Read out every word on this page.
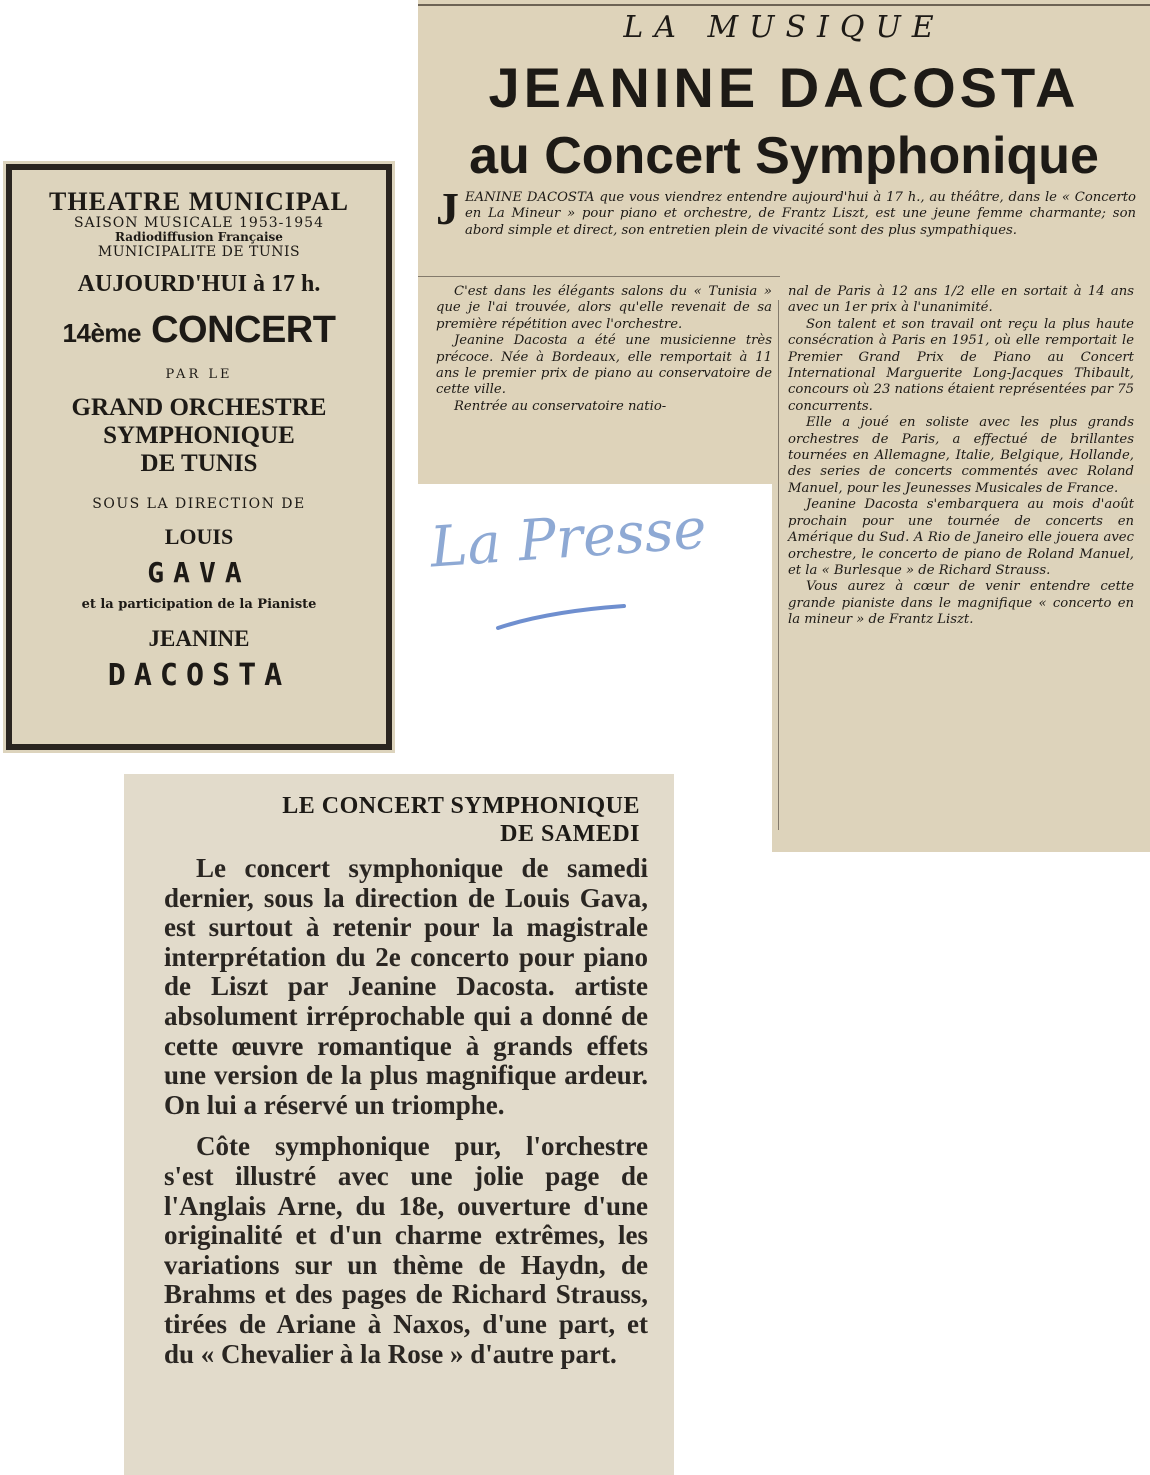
THEATRE MUNICIPAL
SAISON MUSICALE 1953-1954
Radiodiffusion Française
MUNICIPALITE DE TUNIS
AUJOURD'HUI à 17 h.
14ème CONCERT
PAR LE
GRAND ORCHESTRE
SYMPHONIQUE
DE TUNIS
SOUS LA DIRECTION DE
LOUIS
GAVA
et la participation de la Pianiste
JEANINE
DACOSTA
LA MUSIQUE
JEANINE DACOSTA
au Concert Symphonique
JEANINE DACOSTA que vous viendrez entendre aujourd'hui à 17 h., au théâtre, dans le « Concerto en La Mineur » pour piano et orchestre, de Frantz Liszt, est une jeune femme charmante; son abord simple et direct, son entretien plein de vivacité sont des plus sympathiques.

C'est dans les élégants salons du « Tunisia » que je l'ai trouvée, alors qu'elle revenait de sa première répétition avec l'orchestre.

Jeanine Dacosta a été une musicienne très précoce. Née à Bordeaux, elle remportait à 11 ans le premier prix de piano au conservatoire de cette ville.

Rentrée au conservatoire natio-

nal de Paris à 12 ans 1/2 elle en sortait à 14 ans avec un 1er prix à l'unanimité.

Son talent et son travail ont reçu la plus haute consécration à Paris en 1951, où elle remportait le Premier Grand Prix de Piano au Concert International Marguerite Long-Jacques Thibault, concours où 23 nations étaient représentées par 75 concurrents.

Elle a joué en soliste avec les plus grands orchestres de Paris, a effectué de brillantes tournées en Allemagne, Italie, Belgique, Hollande, des series de concerts commentés avec Roland Manuel, pour les Jeunesses Musicales de France.

Jeanine Dacosta s'embarquera au mois d'août prochain pour une tournée de concerts en Amérique du Sud. A Rio de Janeiro elle jouera avec orchestre, le concerto de piano de Roland Manuel, et la « Burlesque » de Richard Strauss.

Vous aurez à cœur de venir entendre cette grande pianiste dans le magnifique « concerto en la mineur » de Frantz Liszt.

La Presse
LE CONCERT SYMPHONIQUE
DE SAMEDI

Le concert symphonique de samedi dernier, sous la direction de Louis Gava, est surtout à retenir pour la magistrale interprétation du 2e concerto pour piano de Liszt par Jeanine Dacosta. artiste absolument irréprochable qui a donné de cette œuvre romantique à grands effets une version de la plus magnifique ardeur. On lui a réservé un triomphe.

Côte symphonique pur, l'orchestre s'est illustré avec une jolie page de l'Anglais Arne, du 18e, ouverture d'une originalité et d'un charme extrêmes, les variations sur un thème de Haydn, de Brahms et des pages de Richard Strauss, tirées de Ariane à Naxos, d'une part, et du « Chevalier à la Rose » d'autre part.
